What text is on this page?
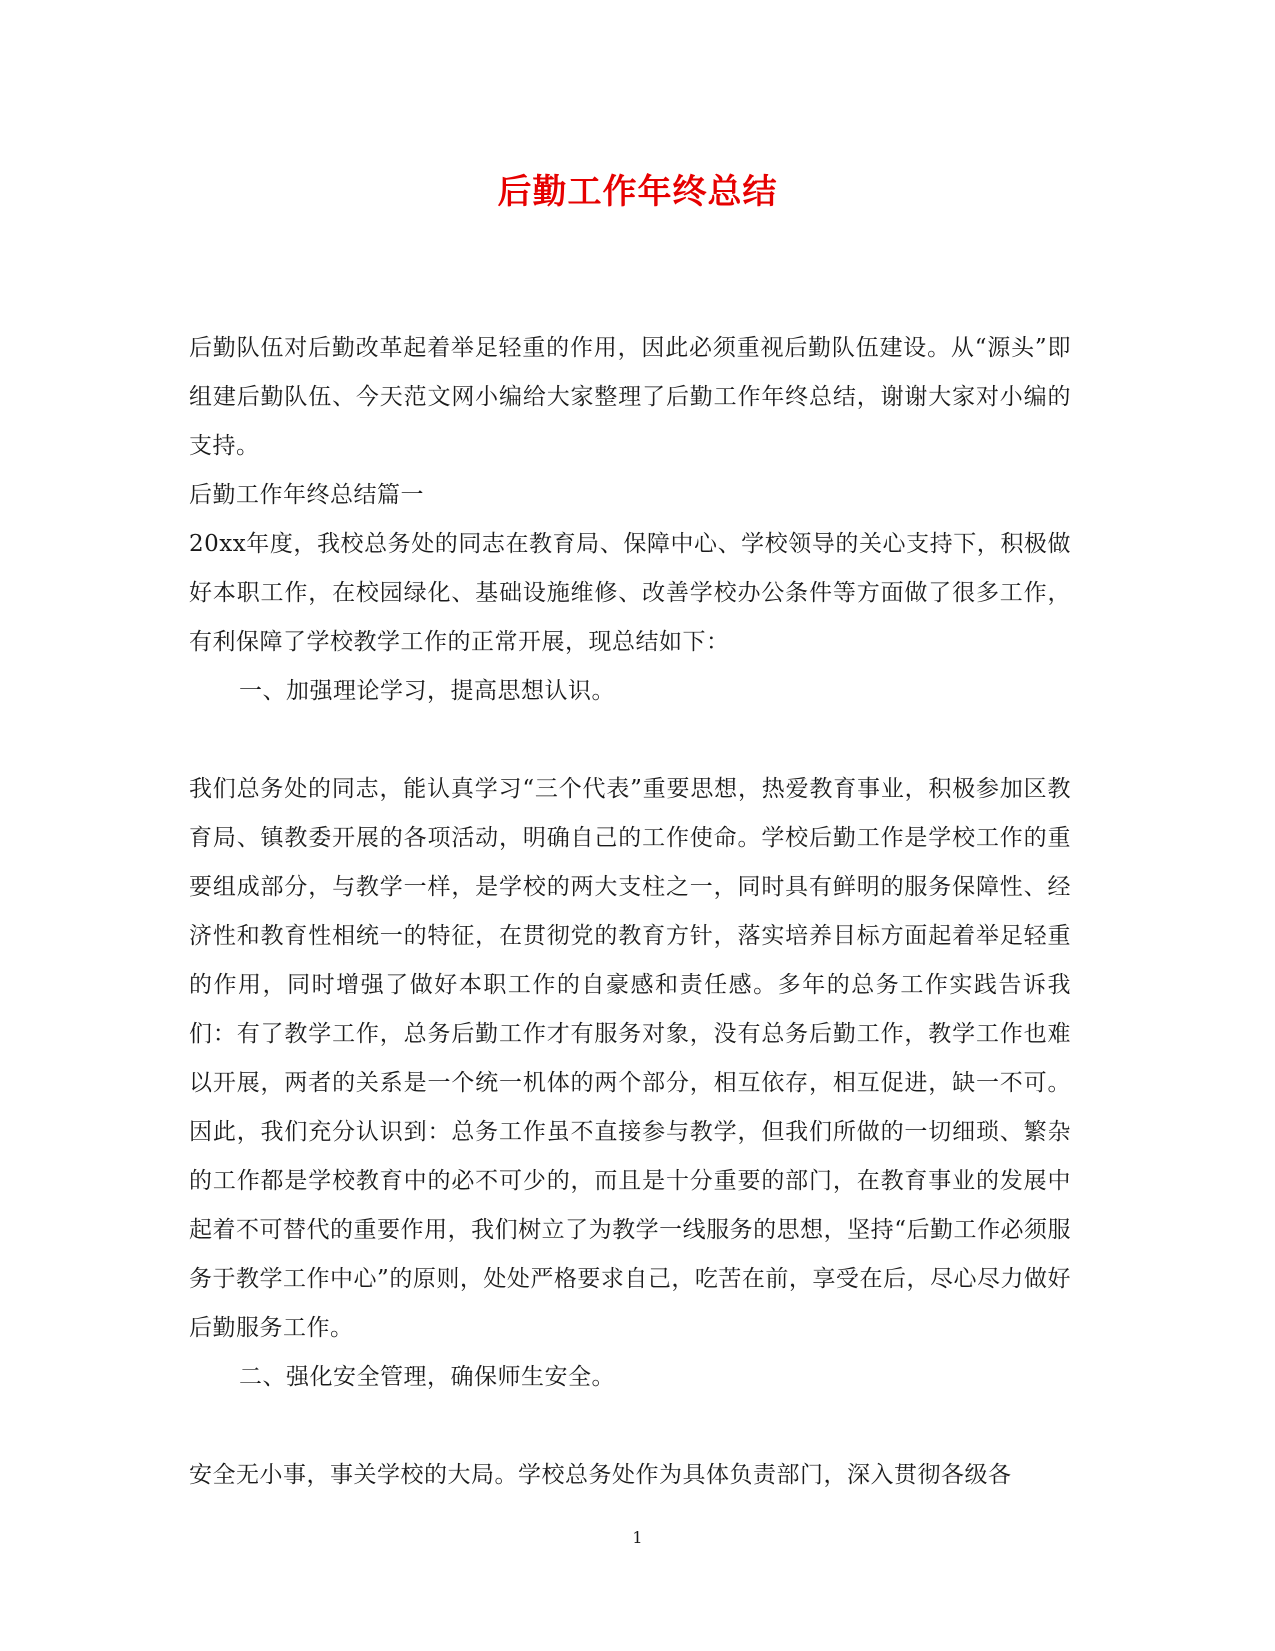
后勤工作年终总结

后勤队伍对后勤改革起着举足轻重的作用，因此必须重视后勤队伍建设。从“源头”即组建后勤队伍、今天范文网小编给大家整理了后勤工作年终总结，谢谢大家对小编的支持。

后勤工作年终总结篇一

20xx年度，我校总务处的同志在教育局、保障中心、学校领导的关心支持下，积极做好本职工作，在校园绿化、基础设施维修、改善学校办公条件等方面做了很多工作，有利保障了学校教学工作的正常开展，现总结如下：

一、加强理论学习，提高思想认识。

我们总务处的同志，能认真学习“三个代表”重要思想，热爱教育事业，积极参加区教育局、镇教委开展的各项活动，明确自己的工作使命。学校后勤工作是学校工作的重要组成部分，与教学一样，是学校的两大支柱之一，同时具有鲜明的服务保障性、经济性和教育性相统一的特征，在贯彻党的教育方针，落实培养目标方面起着举足轻重的作用，同时增强了做好本职工作的自豪感和责任感。多年的总务工作实践告诉我们：有了教学工作，总务后勤工作才有服务对象，没有总务后勤工作，教学工作也难以开展，两者的关系是一个统一机体的两个部分，相互依存，相互促进，缺一不可。因此，我们充分认识到：总务工作虽不直接参与教学，但我们所做的一切细琐、繁杂的工作都是学校教育中的必不可少的，而且是十分重要的部门，在教育事业的发展中起着不可替代的重要作用，我们树立了为教学一线服务的思想，坚持“后勤工作必须服务于教学工作中心”的原则，处处严格要求自己，吃苦在前，享受在后，尽心尽力做好后勤服务工作。

二、强化安全管理，确保师生安全。

安全无小事，事关学校的大局。学校总务处作为具体负责部门，深入贯彻各级各

1
